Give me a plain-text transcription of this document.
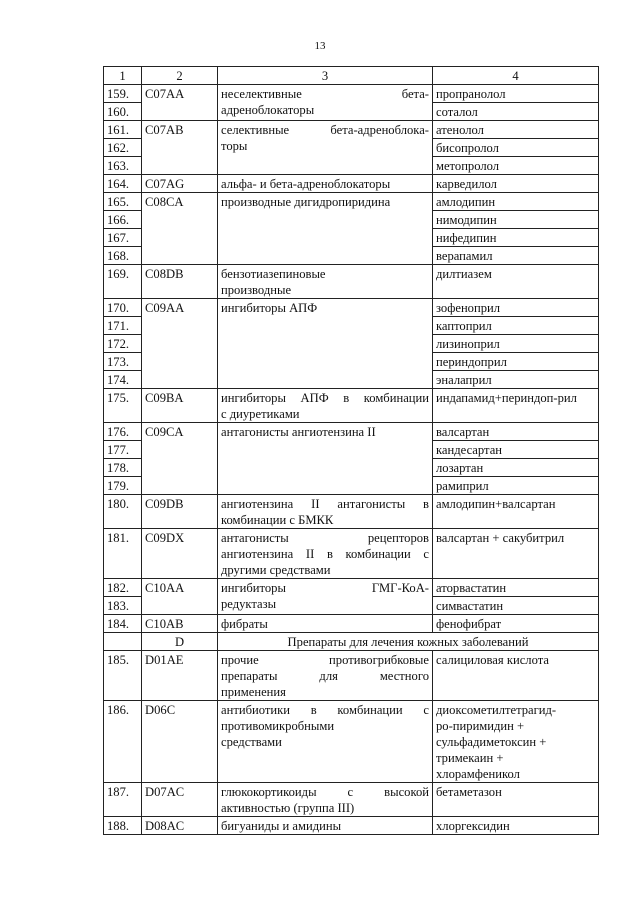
13
1	2	3	4
159.	C07AA	неселективные бета-
адреноблокаторы	пропранолол
160.			соталол
161.	C07AB	селективные бета-адреноблока-
торы	атенолол
162.			бисопролол
163.			метопролол
164.	C07AG	альфа- и бета-адреноблокаторы	карведилол
165.	C08CA	производные дигидропиридина	амлодипин
166.			нимодипин
167.			нифедипин
168.			верапамил
169.	C08DB	бензотиазепиновые
производные	дилтиазем
170.	C09AA	ингибиторы АПФ	зофеноприл
171.			каптоприл
172.			лизиноприл
173.			периндоприл
174.			эналаприл
175.	C09BA	ингибиторы АПФ в комбинации
с диуретиками	индапамид+периндоп-рил
176.	C09CA	антагонисты ангиотензина II	валсартан
177.			кандесартан
178.			лозартан
179.			рамиприл
180.	C09DB	ангиотензина II антагонисты в
комбинации с БМКК	амлодипин+валсартан
181.	C09DX	антагонисты рецепторов
ангиотензина II в комбинации с
другими средствами	валсартан + сакубитрил
182.	C10AA	ингибиторы ГМГ-КоА-
редуктазы	аторвастатин
183.			симвастатин
184.	C10AB	фибраты	фенофибрат
	D	Препараты для лечения кожных заболеваний	
185.	D01AE	прочие противогрибковые
препараты для местного
применения	салициловая кислота

186.	D06C	антибиотики в комбинации с
противомикробными
средствами	диоксометилтетрагид-
ро-пиримидин +
сульфадиметоксин +
тримекаин +
хлорамфеникол

187.	D07AC	глюкокортикоиды с высокой
активностью (группа III)	бетаметазон

188.	D08AC	бигуаниды и амидины	хлоргексидин
